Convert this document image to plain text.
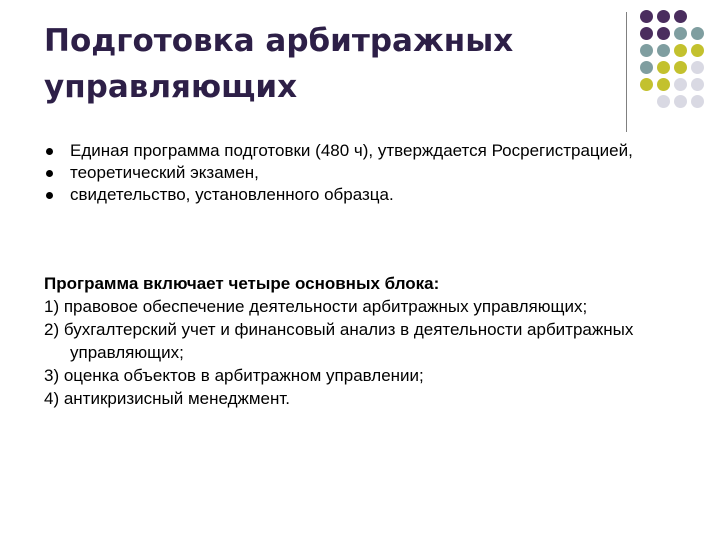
Подготовка арбитражных управляющих
Единая программа подготовки (480 ч), утверждается Росрегистрацией,
теоретический экзамен,
свидетельство, установленного образца.
Программа включает четыре основных блока:
1) правовое обеспечение деятельности арбитражных управляющих;
2) бухгалтерский учет и финансовый анализ в деятельности арбитражных управляющих;
3) оценка объектов в арбитражном управлении;
4) антикризисный менеджмент.
